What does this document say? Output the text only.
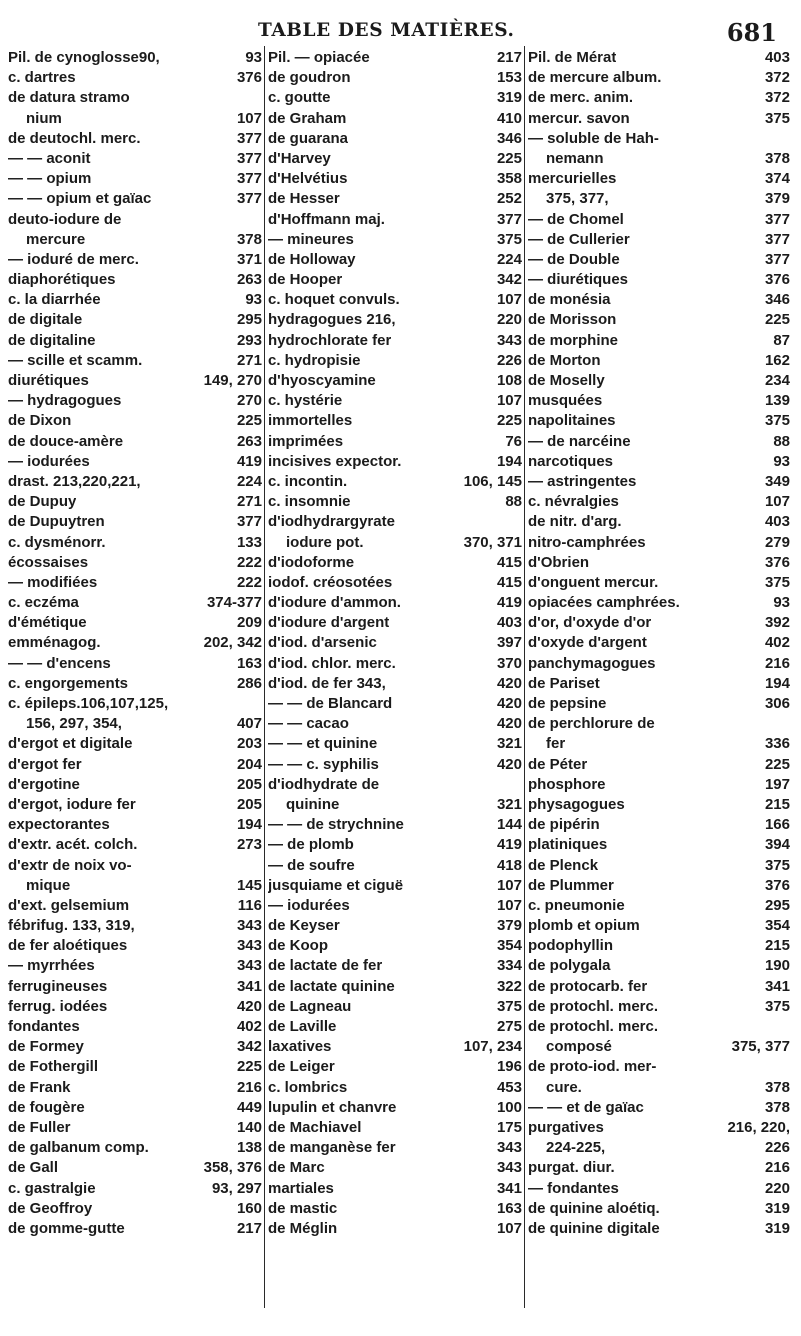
TABLE DES MATIÈRES.	681
Pil. de cynoglosse90,	93
c. dartres	376
de datura stramo
nium	107
de deutochl. merc.	377
— — aconit	377
— — opium	377
— — opium et gaïac	377
deuto-iodure de
mercure	378
— ioduré de merc.	371
diaphorétiques	263
c. la diarrhée	93
de digitale	295
de digitaline	293
— scille et scamm.	271
diurétiques	149, 270
— hydragogues	270
de Dixon	225
de douce-amère	263
— iodurées	419
drast. 213,220,221,	224
de Dupuy	271
de Dupuytren	377
c. dysménorr.	133
écossaises	222
— modifiées	222
c. eczéma	374-377
d'émétique	209
emménagog.	202, 342
— — d'encens	163
c. engorgements	286
c. épileps.106,107,125,
156, 297, 354,	407
d'ergot et digitale	203
d'ergot fer	204
d'ergotine	205
d'ergot, iodure fer	205
expectorantes	194
d'extr. acét. colch.	273
d'extr de noix vo-
mique	145
d'ext. gelsemium	116
fébrifug. 133, 319,	343
de fer aloétiques	343
— myrrhées	343
ferrugineuses	341
ferrug. iodées	420
fondantes	402
de Formey	342
de Fothergill	225
de Frank	216
de fougère	449
de Fuller	140
de galbanum comp.	138
de Gall	358, 376
c. gastralgie	93, 297
de Geoffroy	160
de gomme-gutte	217
Pil. — opiacée	217
de goudron	153
c. goutte	319
de Graham	410
de guarana	346
d'Harvey	225
d'Helvétius	358
de Hesser	252
d'Hoffmann maj.	377
— mineures	375
de Holloway	224
de Hooper	342
c. hoquet convuls.	107
hydragogues 216,	220
hydrochlorate fer	343
c. hydropisie	226
d'hyoscyamine	108
c. hystérie	107
immortelles	225
imprimées	76
incisives expector.	194
c. incontin.	106, 145
c. insomnie	88
d'iodhydrargyrate
iodure pot.	370, 371
d'iodoforme	415
iodof. créosotées	415
d'iodure d'ammon.	419
d'iodure d'argent	403
d'iod. d'arsenic	397
d'iod. chlor. merc.	370
d'iod. de fer 343,	420
— — de Blancard	420
— — cacao	420
— — et quinine	321
— — c. syphilis	420
d'iodhydrate de
quinine	321
— — de strychnine	144
— de plomb	419
— de soufre	418
jusquiame et ciguë	107
— iodurées	107
de Keyser	379
de Koop	354
de lactate de fer	334
de lactate quinine	322
de Lagneau	375
de Laville	275
laxatives	107, 234
de Leiger	196
c. lombrics	453
lupulin et chanvre	100
de Machiavel	175
de manganèse fer	343
de Marc	343
martiales	341
de mastic	163
de Méglin	107
Pil. de Mérat	403
de mercure album.	372
de merc. anim.	372
mercur. savon	375
— soluble de Hah-
nemann	378
mercurielles	374
375, 377,	379
— de Chomel	377
— de Cullerier	377
— de Double	377
— diurétiques	376
de monésia	346
de Morisson	225
de morphine	87
de Morton	162
de Moselly	234
musquées	139
napolitaines	375
— de narcéine	88
narcotiques	93
— astringentes	349
c. névralgies	107
de nitr. d'arg.	403
nitro-camphrées	279
d'Obrien	376
d'onguent mercur.	375
opiacées camphrées.	93
d'or, d'oxyde d'or	392
d'oxyde d'argent	402
panchymagogues	216
de Pariset	194
de pepsine	306
de perchlorure de
fer	336
de Péter	225
phosphore	197
physagogues	215
de pipérin	166
platiniques	394
de Plenck	375
de Plummer	376
c. pneumonie	295
plomb et opium	354
podophyllin	215
de polygala	190
de protocarb. fer	341
de protochl. merc.	375
de protochl. merc.
composé	375, 377
de proto-iod. mer-
cure.	378
— — et de gaïac	378
purgatives	216, 220,
224-225,	226
purgat. diur.	216
— fondantes	220
de quinine aloétiq.	319
de quinine digitale	319
